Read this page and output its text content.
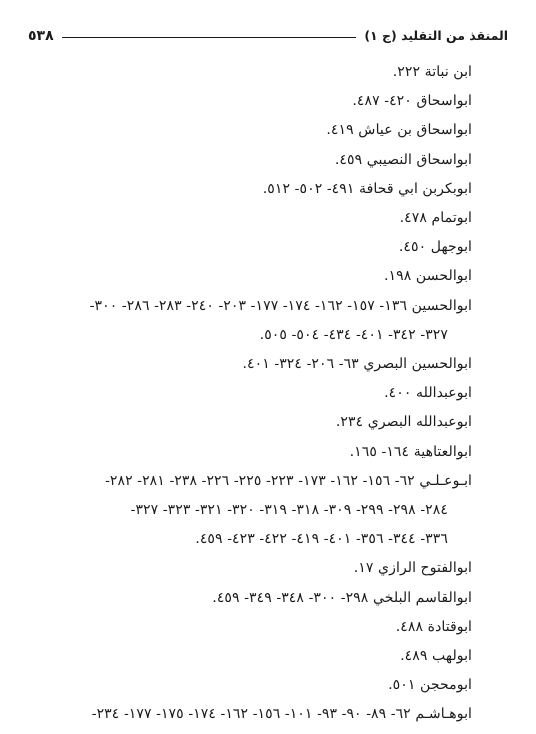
المنقذ من التقليد (ج ١)
٥٣٨
ابن نباتة ٢٢٢.
ابواسحاق ٤٢٠- ٤٨٧.
ابواسحاق بن عياش ٤١٩.
ابواسحاق النصيبي ٤٥٩.
ابوبكربن ابي قحافة ٤٩١- ٥٠٢- ٥١٢.
ابوتمام ٤٧٨.
ابوجهل ٤٥٠.
ابوالحسن ١٩٨.
ابوالحسين ١٣٦- ١٥٧- ١٦٢- ١٧٤- ١٧٧- ٢٠٣- ٢٤٠- ٢٨٣- ٢٨٦- ٣٠٠-
٣٢٧- ٣٤٢- ٤٠١- ٤٣٤- ٥٠٤- ٥٠٥.
ابوالحسين البصري ٦٣- ٢٠٦- ٣٢٤- ٤٠١.
ابوعبدالله ٤٠٠.
ابوعبدالله البصري ٢٣٤.
ابوالعتاهية ١٦٤- ١٦٥.
ابـوعـلـي ٦٢- ١٥٦- ١٦٢- ١٧٣- ٢٢٣- ٢٢٥- ٢٢٦- ٢٣٨- ٢٨١- ٢٨٢-
٢٨٤- ٢٩٨- ٢٩٩- ٣٠٩- ٣١٨- ٣١٩- ٣٢٠- ٣٢١- ٣٢٣- ٣٢٧-
٣٣٦- ٣٤٤- ٣٥٦- ٤٠١- ٤١٩- ٤٢٢- ٤٢٣- ٤٥٩.
ابوالفتوح الرازي ١٧.
ابوالقاسم البلخي ٢٩٨- ٣٠٠- ٣٤٨- ٣٤٩- ٤٥٩.
ابوقتادة ٤٨٨.
ابولهب ٤٨٩.
ابومحجن ٥٠١.
ابوهـاشـم ٦٢- ٨٩- ٩٠- ٩٣- ١٠١- ١٥٦- ١٦٢- ١٧٤- ١٧٥- ١٧٧- ٢٣٤-
